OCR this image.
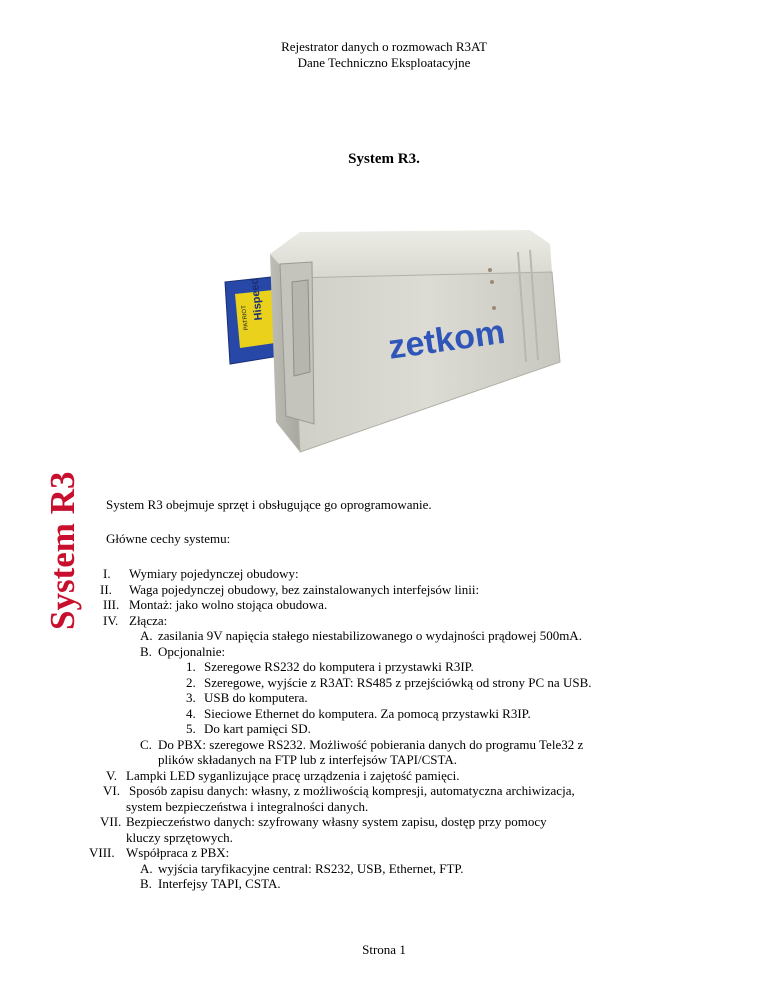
Rejestrator danych o rozmowach R3AT
Dane Techniczno Eksploatacyjne
System R3.
System R3
Hispeed
PATRIOT	zetkom
System R3 obejmuje sprzęt i obsługujące go oprogramowanie.
Główne cechy systemu:
I. Wymiary pojedynczej obudowy:
II. Waga pojedynczej obudowy, bez zainstalowanych interfejsów linii:
III. Montaż: jako wolno stojąca obudowa.
IV. Złącza:
A. zasilania 9V napięcia stałego niestabilizowanego o wydajności prądowej 500mA.
B. Opcjonalnie:
1. Szeregowe RS232 do komputera i przystawki R3IP.
2. Szeregowe, wyjście z R3AT: RS485 z przejściówką od strony PC na USB.
3. USB do komputera.
4. Sieciowe Ethernet do komputera. Za pomocą przystawki R3IP.
5. Do kart pamięci SD.
C. Do PBX: szeregowe RS232. Możliwość pobierania danych do programu Tele32 z
plików składanych na FTP lub z interfejsów TAPI/CSTA.
V. Lampki LED syganlizujące pracę urządzenia i zajętość pamięci.
VI. Sposób zapisu danych: własny, z możliwością kompresji, automatyczna archiwizacja,
system bezpieczeństwa i integralności danych.
VII. Bezpieczeństwo danych: szyfrowany własny system zapisu, dostęp przy pomocy
kluczy sprzętowych.
VIII. Współpraca z PBX:
A. wyjścia taryfikacyjne central: RS232, USB, Ethernet, FTP.
B. Interfejsy TAPI, CSTA.
Strona 1
